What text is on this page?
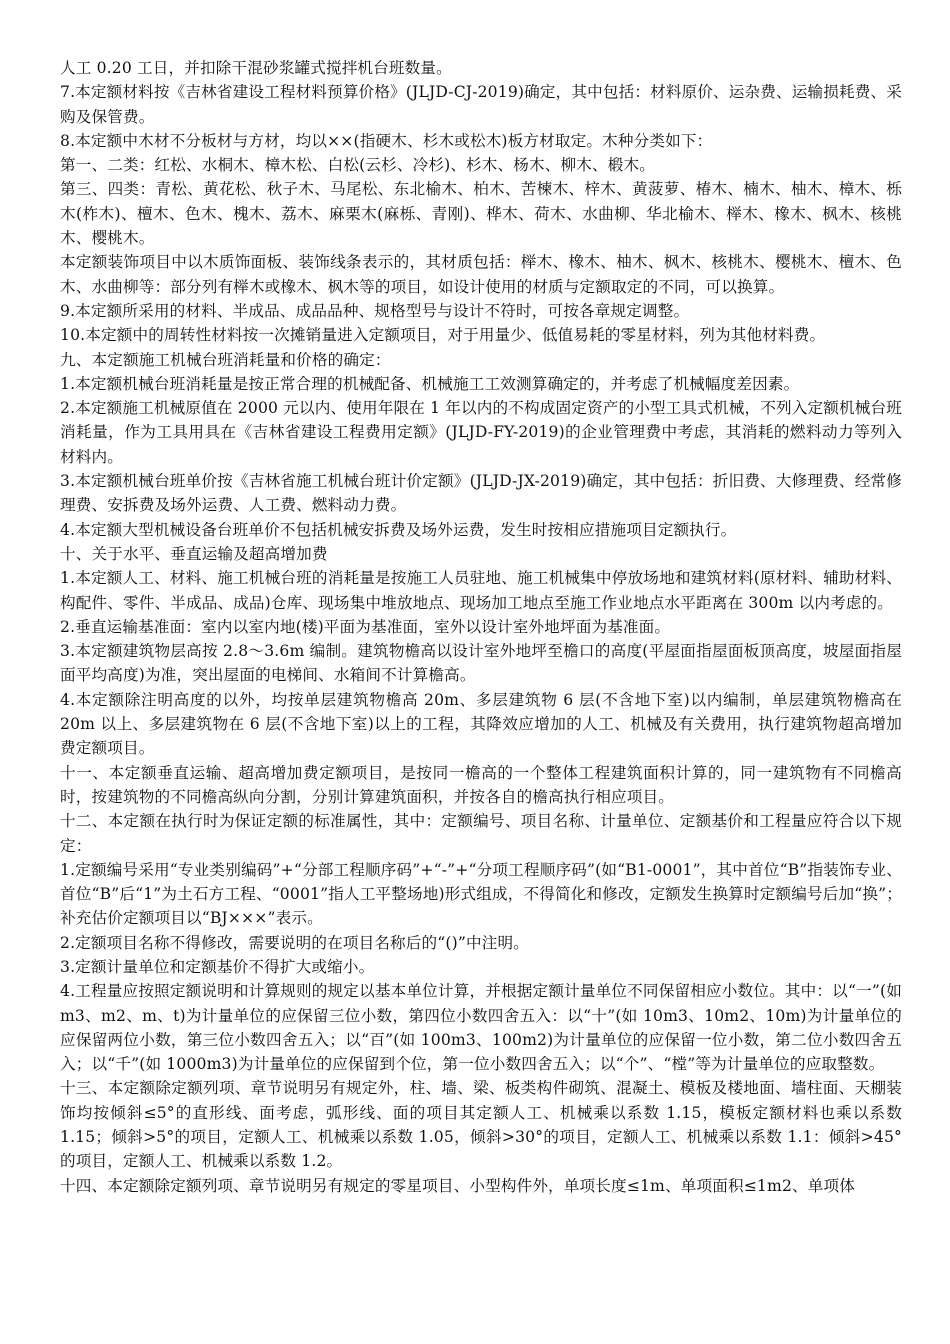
人工 0.20 工日，并扣除干混砂浆罐式搅拌机台班数量。

7.本定额材料按《吉林省建设工程材料预算价格》(JLJD-CJ-2019)确定，其中包括：材料原价、运杂费、运输损耗费、采购及保管费。

8.本定额中木材不分板材与方材，均以××(指硬木、杉木或松木)板方材取定。木种分类如下：

第一、二类：红松、水桐木、樟木松、白松(云杉、冷杉)、杉木、杨木、柳木、椴木。

第三、四类：青松、黄花松、秋子木、马尾松、东北榆木、柏木、苦楝木、梓木、黄菠萝、椿木、楠木、柚木、樟木、栎木(柞木)、檀木、色木、槐木、荔木、麻栗木(麻栎、青刚)、桦木、荷木、水曲柳、华北榆木、榉木、橡木、枫木、核桃木、樱桃木。

本定额装饰项目中以木质饰面板、装饰线条表示的，其材质包括：榉木、橡木、柚木、枫木、核桃木、樱桃木、檀木、色木、水曲柳等：部分列有榉木或橡木、枫木等的项目，如设计使用的材质与定额取定的不同，可以换算。

9.本定额所采用的材料、半成品、成品品种、规格型号与设计不符时，可按各章规定调整。

10.本定额中的周转性材料按一次摊销量进入定额项目，对于用量少、低值易耗的零星材料，列为其他材料费。

九、本定额施工机械台班消耗量和价格的确定：

1.本定额机械台班消耗量是按正常合理的机械配备、机械施工工效测算确定的，并考虑了机械幅度差因素。

2.本定额施工机械原值在 2000 元以内、使用年限在 1 年以内的不构成固定资产的小型工具式机械，不列入定额机械台班消耗量，作为工具用具在《吉林省建设工程费用定额》(JLJD-FY-2019)的企业管理费中考虑，其消耗的燃料动力等列入材料内。

3.本定额机械台班单价按《吉林省施工机械台班计价定额》(JLJD-JX-2019)确定，其中包括：折旧费、大修理费、经常修理费、安拆费及场外运费、人工费、燃料动力费。

4.本定额大型机械设备台班单价不包括机械安拆费及场外运费，发生时按相应措施项目定额执行。

十、关于水平、垂直运输及超高增加费

1.本定额人工、材料、施工机械台班的消耗量是按施工人员驻地、施工机械集中停放场地和建筑材料(原材料、辅助材料、构配件、零件、半成品、成品)仓库、现场集中堆放地点、现场加工地点至施工作业地点水平距离在 300m 以内考虑的。

2.垂直运输基准面：室内以室内地(楼)平面为基准面，室外以设计室外地坪面为基准面。

3.本定额建筑物层高按 2.8～3.6m 编制。建筑物檐高以设计室外地坪至檐口的高度(平屋面指屋面板顶高度，坡屋面指屋面平均高度)为准，突出屋面的电梯间、水箱间不计算檐高。

4.本定额除注明高度的以外，均按单层建筑物檐高 20m、多层建筑物 6 层(不含地下室)以内编制，单层建筑物檐高在 20m 以上、多层建筑物在 6 层(不含地下室)以上的工程，其降效应增加的人工、机械及有关费用，执行建筑物超高增加费定额项目。

十一、本定额垂直运输、超高增加费定额项目，是按同一檐高的一个整体工程建筑面积计算的，同一建筑物有不同檐高时，按建筑物的不同檐高纵向分割，分别计算建筑面积，并按各自的檐高执行相应项目。

十二、本定额在执行时为保证定额的标准属性，其中：定额编号、项目名称、计量单位、定额基价和工程量应符合以下规定：

1.定额编号采用“专业类别编码”+“分部工程顺序码”+“-”+“分项工程顺序码”(如“B1-0001”，其中首位“B”指装饰专业、首位“B”后“1”为土石方工程、“0001”指人工平整场地)形式组成，不得简化和修改，定额发生换算时定额编号后加“换”；补充估价定额项目以“BJ×××”表示。

2.定额项目名称不得修改，需要说明的在项目名称后的“()”中注明。

3.定额计量单位和定额基价不得扩大或缩小。

4.工程量应按照定额说明和计算规则的规定以基本单位计算，并根据定额计量单位不同保留相应小数位。其中：以“一”(如 m3、m2、m、t)为计量单位的应保留三位小数，第四位小数四舍五入：以“十”(如 10m3、10m2、10m)为计量单位的应保留两位小数，第三位小数四舍五入；以“百”(如 100m3、100m2)为计量单位的应保留一位小数，第二位小数四舍五入；以“千”(如 1000m3)为计量单位的应保留到个位，第一位小数四舍五入；以“个”、“樘”等为计量单位的应取整数。

十三、本定额除定额列项、章节说明另有规定外，柱、墙、梁、板类构件砌筑、混凝土、模板及楼地面、墙柱面、天棚装饰均按倾斜≤5°的直形线、面考虑，弧形线、面的项目其定额人工、机械乘以系数 1.15，模板定额材料也乘以系数 1.15；倾斜>5°的项目，定额人工、机械乘以系数 1.05，倾斜>30°的项目，定额人工、机械乘以系数 1.1：倾斜>45°的项目，定额人工、机械乘以系数 1.2。

十四、本定额除定额列项、章节说明另有规定的零星项目、小型构件外，单项长度≤1m、单项面积≤1m2、单项体
